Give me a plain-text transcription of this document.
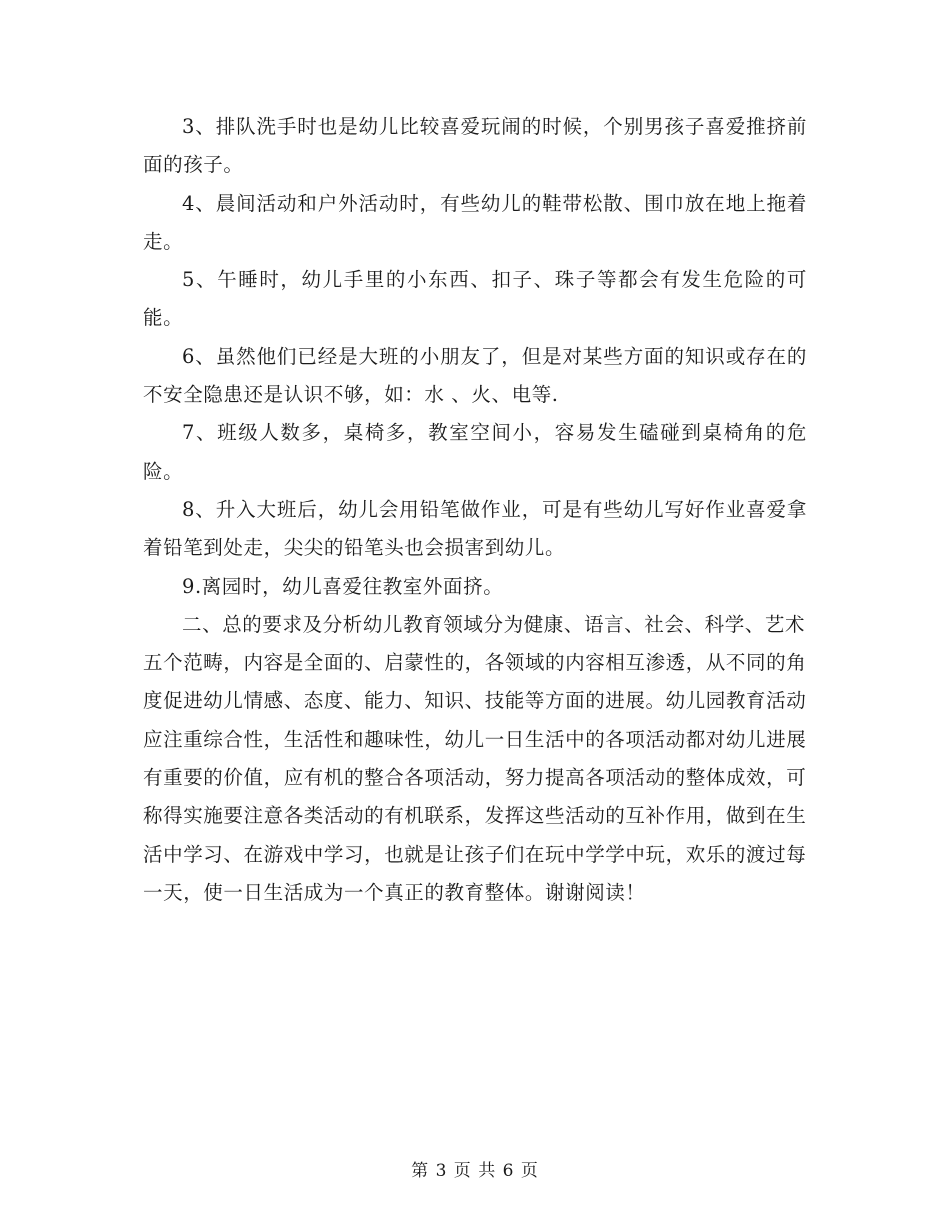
3、排队洗手时也是幼儿比较喜爱玩闹的时候，个别男孩子喜爱推挤前面的孩子。

4、晨间活动和户外活动时，有些幼儿的鞋带松散、围巾放在地上拖着走。

5、午睡时，幼儿手里的小东西、扣子、珠子等都会有发生危险的可能。

6、虽然他们已经是大班的小朋友了，但是对某些方面的知识或存在的不安全隐患还是认识不够，如：水 、火、电等.

7、班级人数多，桌椅多，教室空间小，容易发生磕碰到桌椅角的危险。

8、升入大班后，幼儿会用铅笔做作业，可是有些幼儿写好作业喜爱拿着铅笔到处走，尖尖的铅笔头也会损害到幼儿。

9.离园时，幼儿喜爱往教室外面挤。

二、总的要求及分析幼儿教育领域分为健康、语言、社会、科学、艺术五个范畴，内容是全面的、启蒙性的，各领域的内容相互渗透，从不同的角度促进幼儿情感、态度、能力、知识、技能等方面的进展。幼儿园教育活动应注重综合性，生活性和趣味性，幼儿一日生活中的各项活动都对幼儿进展有重要的价值，应有机的整合各项活动，努力提高各项活动的整体成效，可称得实施要注意各类活动的有机联系，发挥这些活动的互补作用，做到在生活中学习、在游戏中学习，也就是让孩子们在玩中学学中玩，欢乐的渡过每一天，使一日生活成为一个真正的教育整体。谢谢阅读！

第 3 页 共 6 页
